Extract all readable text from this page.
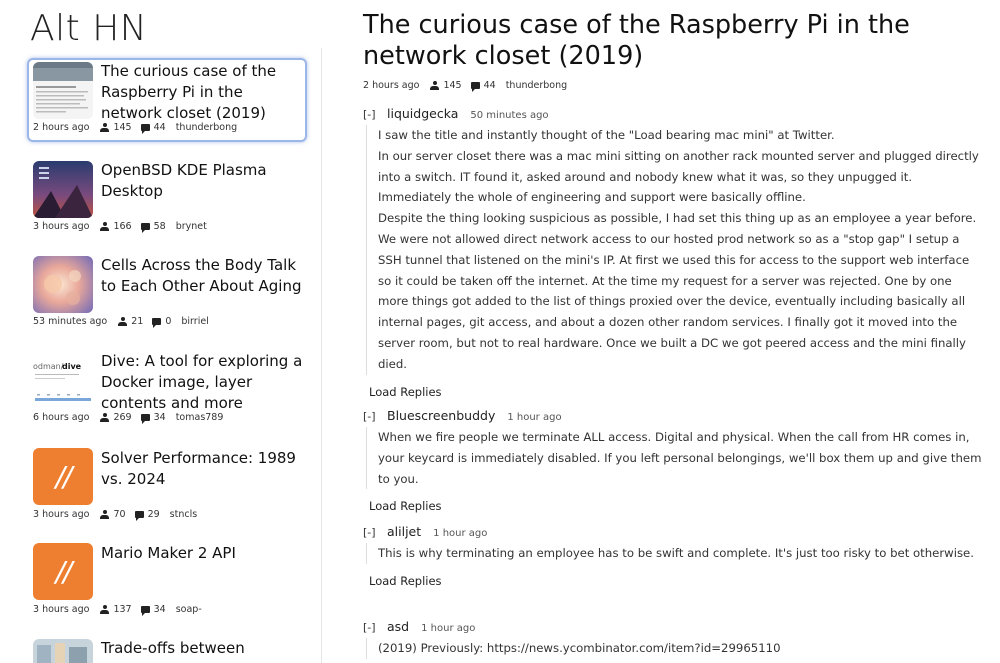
Alt HN
The curious case of the Raspberry Pi in the network closet (2019)
2 hours ago	145 44 thunderbong
OpenBSD KDE Plasma Desktop
3 hours ago	166 58 brynet
Cells Across the Body Talk to Each Other About Aging
53 minutes ago	21 0 birriel
odman/
dive Dive: A tool for exploring a Docker image, layer contents and more
6 hours ago	269 34 tomas789
//
Solver Performance: 1989 vs. 2024
3 hours ago	70 29 stncls
//
Mario Maker 2 API
3 hours ago	137 34 soap-
Trade-offs between
The curious case of the Raspberry Pi in the network closet (2019)
2 hours ago	145 44 thunderbong
[-] liquidgecka 50 minutes ago
I saw the title and instantly thought of the "Load bearing mac mini" at Twitter.
In our server closet there was a mac mini sitting on another rack mounted server and plugged directly into a switch. IT found it, asked around and nobody knew what it was, so they unpugged it. Immediately the whole of engineering and support were basically offline.
Despite the thing looking suspicious as possible, I had set this thing up as an employee a year before. We were not allowed direct network access to our hosted prod network so as a "stop gap" I setup a SSH tunnel that listened on the mini's IP. At first we used this for access to the support web interface so it could be taken off the internet. At the time my request for a server was rejected. One by one more things got added to the list of things proxied over the device, eventually including basically all internal pages, git access, and about a dozen other random services. I finally got it moved into the server room, but not to real hardware. Once we built a DC we got peered access and the mini finally died.
Load Replies
[-] Bluescreenbuddy 1 hour ago
When we fire people we terminate ALL access. Digital and physical. When the call from HR comes in, your keycard is immediately disabled. If you left personal belongings, we'll box them up and give them to you.
Load Replies
[-] aliljet 1 hour ago
This is why terminating an employee has to be swift and complete. It's just too risky to bet otherwise.
Load Replies
[-] asd 1 hour ago
(2019) Previously: https://news.ycombinator.com/item?id=29965110
